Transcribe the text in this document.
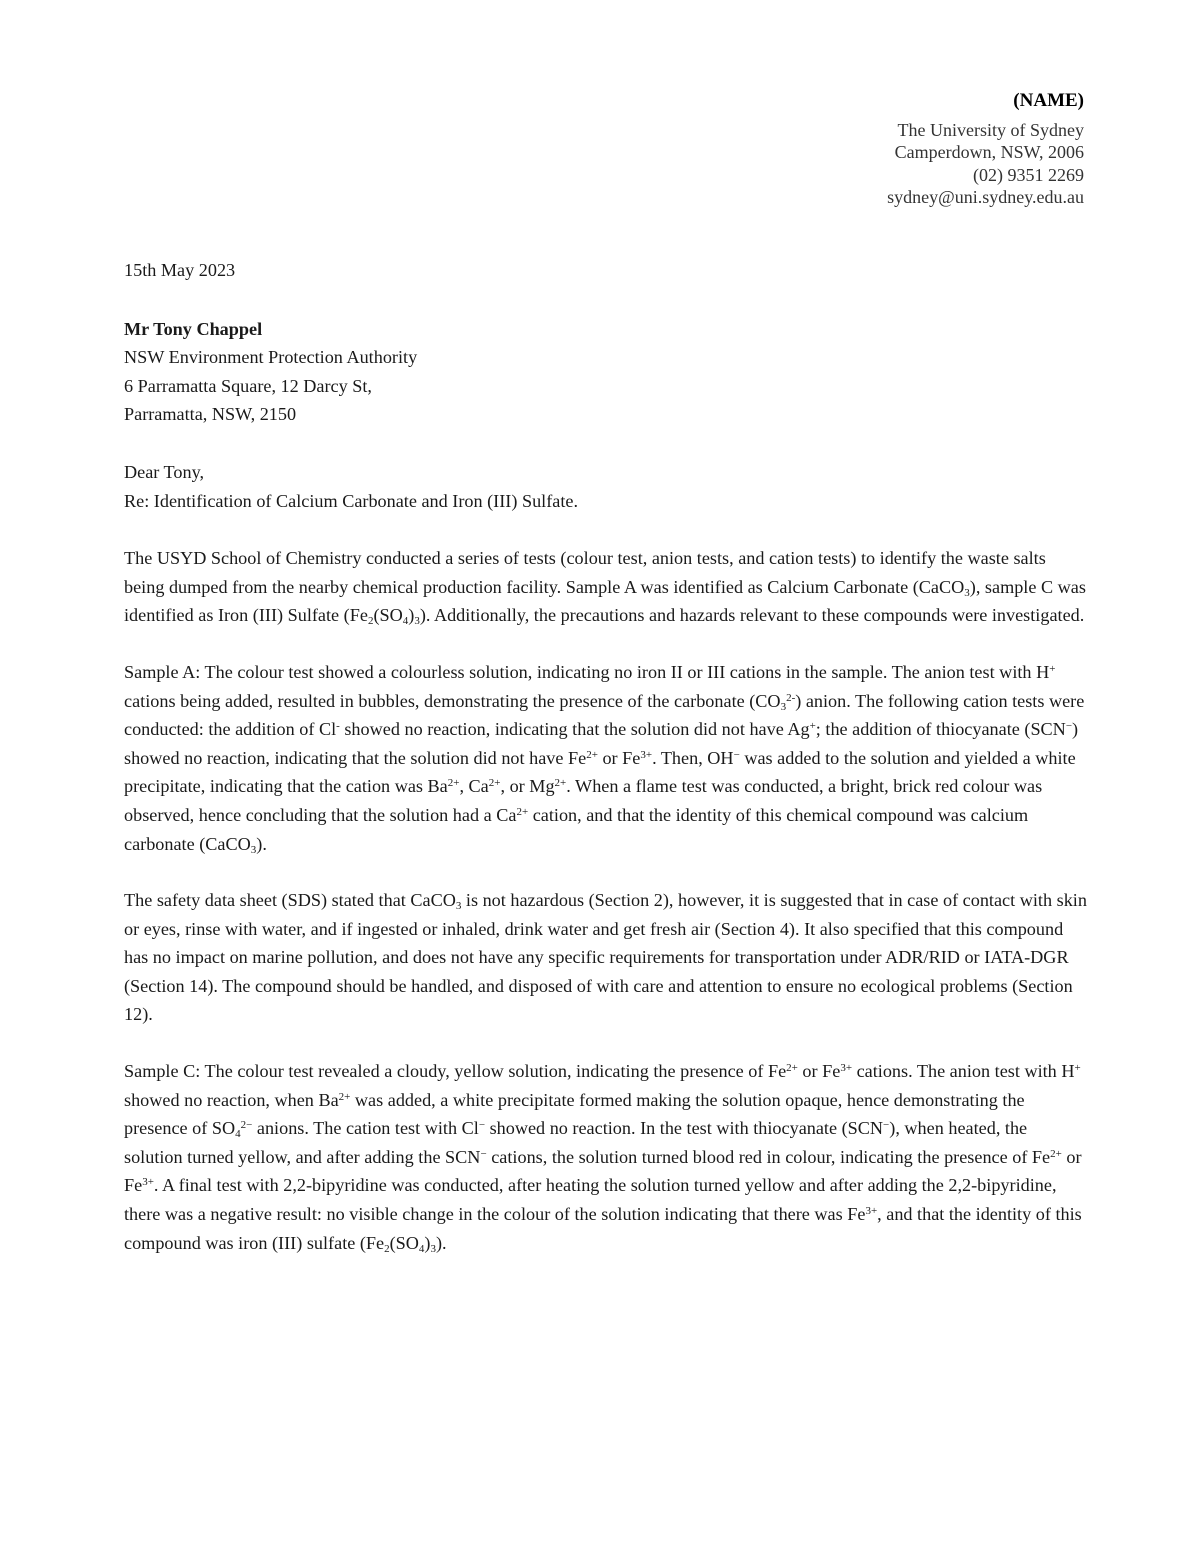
(NAME)
The University of Sydney
Camperdown, NSW, 2006
(02) 9351 2269
sydney@uni.sydney.edu.au

15th May 2023

Mr Tony Chappel

NSW Environment Protection Authority

6 Parramatta Square, 12 Darcy St,

Parramatta, NSW, 2150

Dear Tony,

Re: Identification of Calcium Carbonate and Iron (III) Sulfate.

The USYD School of Chemistry conducted a series of tests (colour test, anion tests, and cation tests) to identify the waste salts being dumped from the nearby chemical production facility. Sample A was identified as Calcium Carbonate (CaCO$_3$), sample C was identified as Iron (III) Sulfate $(Fe_2(SO_4)_3)$. Additionally, the precautions and hazards relevant to these compounds were investigated.

Sample A: The colour test showed a colourless solution, indicating no iron II or III cations in the sample. The anion test with H+ cations being added, resulted in bubbles, demonstrating the presence of the carbonate $(CO_3^{2-})$ anion. The following cation tests were conducted: the addition of Cl- showed no reaction, indicating that the solution did not have Ag+; the addition of thiocyanate (SCN−) showed no reaction, indicating that the solution did not have $Fe^{2+}$ or $Fe^{3+}$. Then, OH− was added to the solution and yielded a white precipitate, indicating that the cation was $Ba^{2+}$, $Ca^{2+}$, or $Mg^{2+}$. When a flame test was conducted, a bright, brick red colour was observed, hence concluding that the solution had a $Ca^{2+}$ cation, and that the identity of this chemical compound was calcium carbonate (CaCO$_3$).

The safety data sheet (SDS) stated that CaCO$_3$ is not hazardous (Section 2), however, it is suggested that in case of contact with skin or eyes, rinse with water, and if ingested or inhaled, drink water and get fresh air (Section 4). It also specified that this compound has no impact on marine pollution, and does not have any specific requirements for transportation under ADR/RID or IATA-DGR (Section 14). The compound should be handled, and disposed of with care and attention to ensure no ecological problems (Section 12).

Sample C: The colour test revealed a cloudy, yellow solution, indicating the presence of $Fe^{2+}$ or $Fe^{3+}$ cations. The anion test with H+ showed no reaction, when $Ba^{2+}$ was added, a white precipitate formed making the solution opaque, hence demonstrating the presence of $SO_4^{2-}$ anions. The cation test with Cl− showed no reaction. In the test with thiocyanate (SCN−), when heated, the solution turned yellow, and after adding the SCN− cations, the solution turned blood red in colour, indicating the presence of $Fe^{2+}$ or $Fe^{3+}$. A final test with 2,2-bipyridine was conducted, after heating the solution turned yellow and after adding the 2,2-bipyridine, there was a negative result: no visible change in the colour of the solution indicating that there was $Fe^{3+}$, and that the identity of this compound was iron (III) sulfate $(Fe_2(SO_4)_3)$.
